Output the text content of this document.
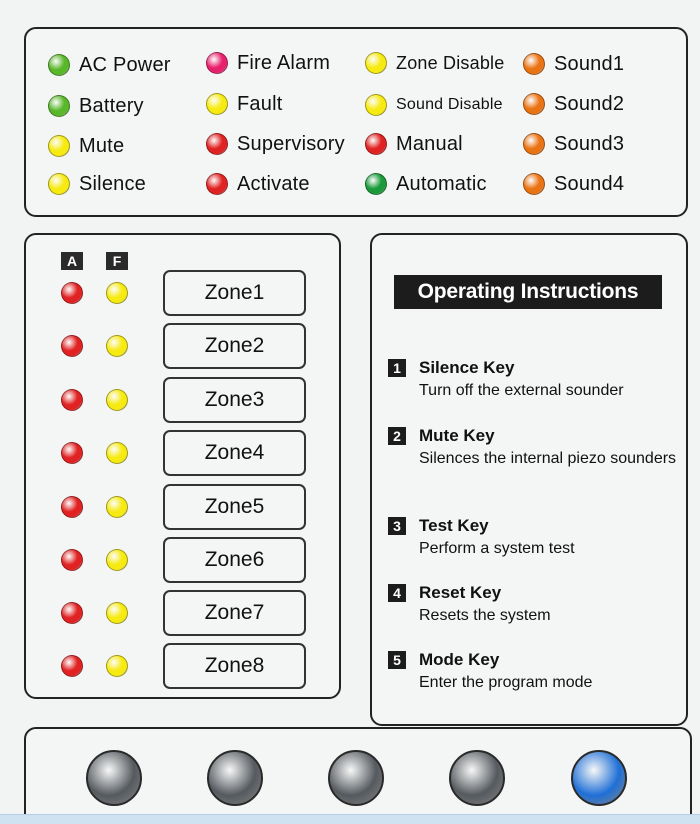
AC Power
Battery
Mute
Silence
Fire Alarm
Fault
Supervisory
Activate
Zone Disable
Sound Disable
Manual
Automatic
Sound1
Sound2
Sound3
Sound4
A	F
Zone1
Zone2
Zone3
Zone4
Zone5
Zone6
Zone7
Zone8
Operating Instructions
1	Silence Key
Turn off the external sounder
2	Mute Key
Silences the internal piezo sounders
3	Test Key
Perform a system test
4	Reset Key
Resets the system
5	Mode Key
Enter the program mode
